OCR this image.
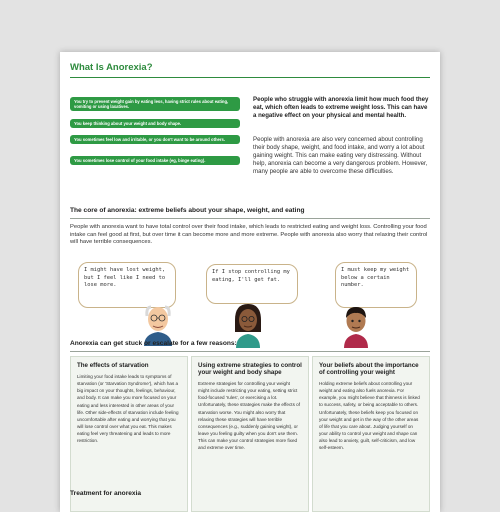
What Is Anorexia?
You try to prevent weight gain by eating less, having strict rules about eating, vomiting or using laxatives.
You keep thinking about your weight and body shape.
You sometimes feel low and irritable, or you don't want to be around others.
You sometimes lose control of your food intake (eg, binge eating).
People who struggle with anorexia limit how much food they eat, which often leads to extreme weight loss. This can have a negative effect on your physical and mental health.
People with anorexia are also very concerned about controlling their body shape, weight, and food intake, and worry a lot about gaining weight. This can make eating very distressing. Without help, anorexia can become a very dangerous problem. However, many people are able to overcome these difficulties.
The core of anorexia: extreme beliefs about your shape, weight, and eating
People with anorexia want to have total control over their food intake, which leads to restricted eating and weight loss. Controlling your food intake can feel good at first, but over time it can become more and more extreme. People with anorexia also worry that relaxing their control will have terrible consequences.
I might have lost weight, but I feel like I need to lose more.
If I stop controlling my eating, I'll get fat.
I must keep my weight below a certain number.
Anorexia can get stuck or escalate for a few reasons:
The effects of starvation
Limiting your food intake leads to symptoms of starvation (or 'Starvation Syndrome'), which has a big impact on your thoughts, feelings, behaviour, and body. It can make you more focused on your eating and less interested in other areas of your life. Other side-effects of starvation include feeling uncomfortable after eating and worrying that you will lose control over what you eat. This makes eating feel very threatening and leads to more restriction.
Using extreme strategies to control your weight and body shape
Extreme strategies for controlling your weight might include restricting your eating, setting strict food-focused 'rules', or exercising a lot. Unfortunately, these strategies make the effects of starvation worse. You might also worry that relaxing these strategies will have terrible consequences (e.g., suddenly gaining weight), or leave you feeling guilty when you don't use them. This can make your control strategies more fixed and extreme over time.
Your beliefs about the importance of controlling your weight
Holding extreme beliefs about controlling your weight and eating also fuels anorexia. For example, you might believe that thinness is linked to success, safety, or being acceptable to others. Unfortunately, these beliefs keep you focused on your weight and get in the way of the other areas of life that you care about. Judging yourself on your ability to control your weight and shape can also lead to anxiety, guilt, self-criticism, and low self-esteem.
Treatment for anorexia
